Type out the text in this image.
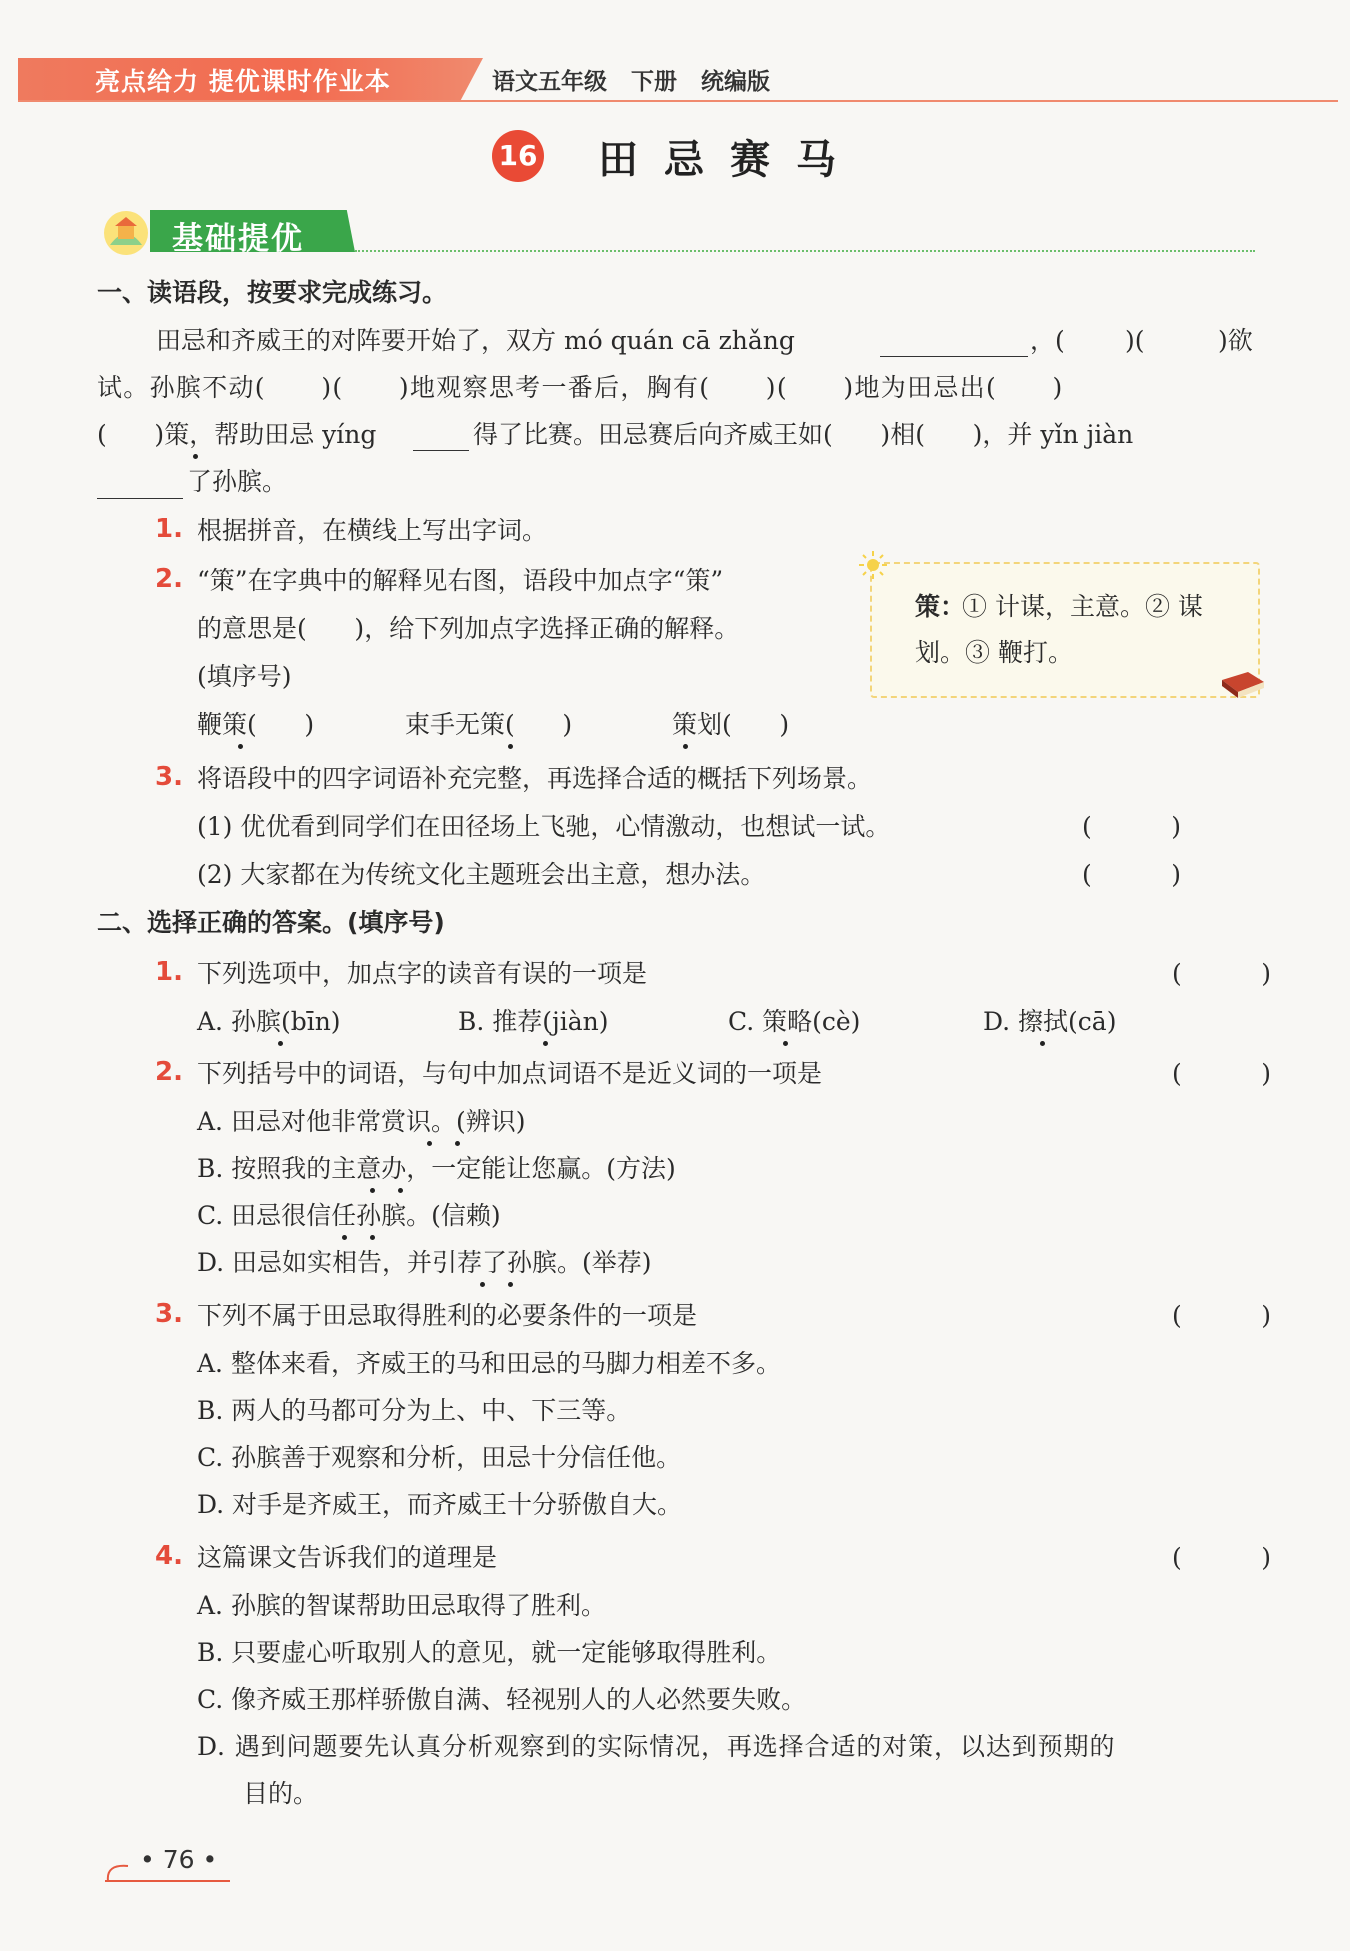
亮点给力 提优课时作业本	语文五年级   下册   统编版
16 田忌赛马
基础提优
一、读语段，按要求完成练习。
田忌和齐威王的对阵要开始了，双方 mó quán cā zhǎng	，( )(	)欲
试。孙膑不动(      )(      )地观察思考一番后，胸有(      )(      )地为田忌出(      )
(      )策，帮助田忌 yíng	得了比赛。田忌赛后向齐威王如(      )相(      )，并 yǐn jiàn
了孙膑。
1. 根据拼音，在横线上写出字词。
2. “策”在字典中的解释见右图，语段中加点字“策”
的意思是(      )，给下列加点字选择正确的解释。
(填序号)
鞭策(      )	束手无策(      )	策划(      )
策：
① 计谋，主意。② 谋
划。③ 鞭打。
3. 将语段中的四字词语补充完整，再选择合适的概括下列场景。
(1) 优优看到同学们在田径场上飞驰，心情激动，也想试一试。	(          )
(2) 大家都在为传统文化主题班会出主意，想办法。	(          )
二、选择正确的答案。(填序号)
1. 下列选项中，加点字的读音有误的一项是	(          )
A. 孙膑(bīn)	B. 推荐(jiàn)	C. 策略(cè)	D. 擦拭(cā)
2. 下列括号中的词语，与句中加点词语不是近义词的一项是	(          )
A. 田忌对他非常赏识。(辨识)
B. 按照我的主意办，一定能让您赢。(方法)
C. 田忌很信任孙膑。(信赖)
D. 田忌如实相告，并引荐了孙膑。(举荐)
3. 下列不属于田忌取得胜利的必要条件的一项是	(          )
A. 整体来看，齐威王的马和田忌的马脚力相差不多。
B. 两人的马都可分为上、中、下三等。
C. 孙膑善于观察和分析，田忌十分信任他。
D. 对手是齐威王，而齐威王十分骄傲自大。
4. 这篇课文告诉我们的道理是	(          )
A. 孙膑的智谋帮助田忌取得了胜利。
B. 只要虚心听取别人的意见，就一定能够取得胜利。
C. 像齐威王那样骄傲自满、轻视别人的人必然要失败。
D. 遇到问题要先认真分析观察到的实际情况，再选择合适的对策，以达到预期的
目的。
• 76 •
